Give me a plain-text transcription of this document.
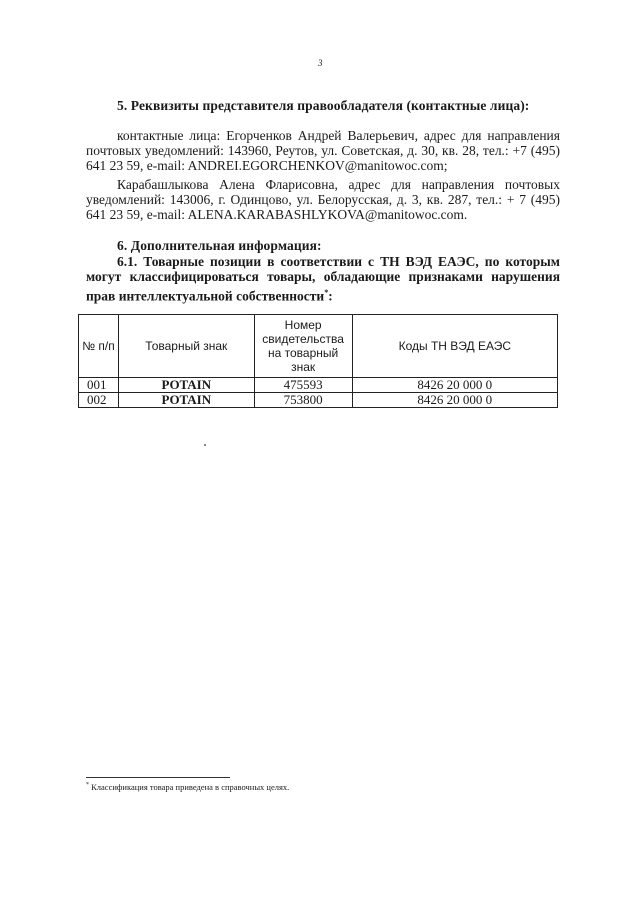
3
5. Реквизиты представителя правообладателя (контактные лица):
контактные лица: Егорченков Андрей Валерьевич, адрес для направления почтовых уведомлений: 143960, Реутов, ул. Советская, д. 30, кв. 28, тел.: +7 (495) 641 23 59, e-mail: ANDREI.EGORCHENKOV@manitowoc.com;
Карабашлыкова Алена Фларисовна, адрес для направления почтовых уведомлений: 143006, г. Одинцово, ул. Белорусская, д. 3, кв. 287, тел.: + 7 (495) 641 23 59, e-mail: ALENA.KARABASHLYKOVA@manitowoc.com.
6. Дополнительная информация:
6.1. Товарные позиции в соответствии с ТН ВЭД ЕАЭС, по которым могут классифицироваться товары, обладающие признаками нарушения прав интеллектуальной собственности*:
№ п/п	Товарный знак	Номер свидетельства на товарный знак	Коды ТН ВЭД ЕАЭС
001	POTAIN	475593	8426 20 000 0
002	POTAIN	753800	8426 20 000 0
* Классификация товара приведена в справочных целях.
